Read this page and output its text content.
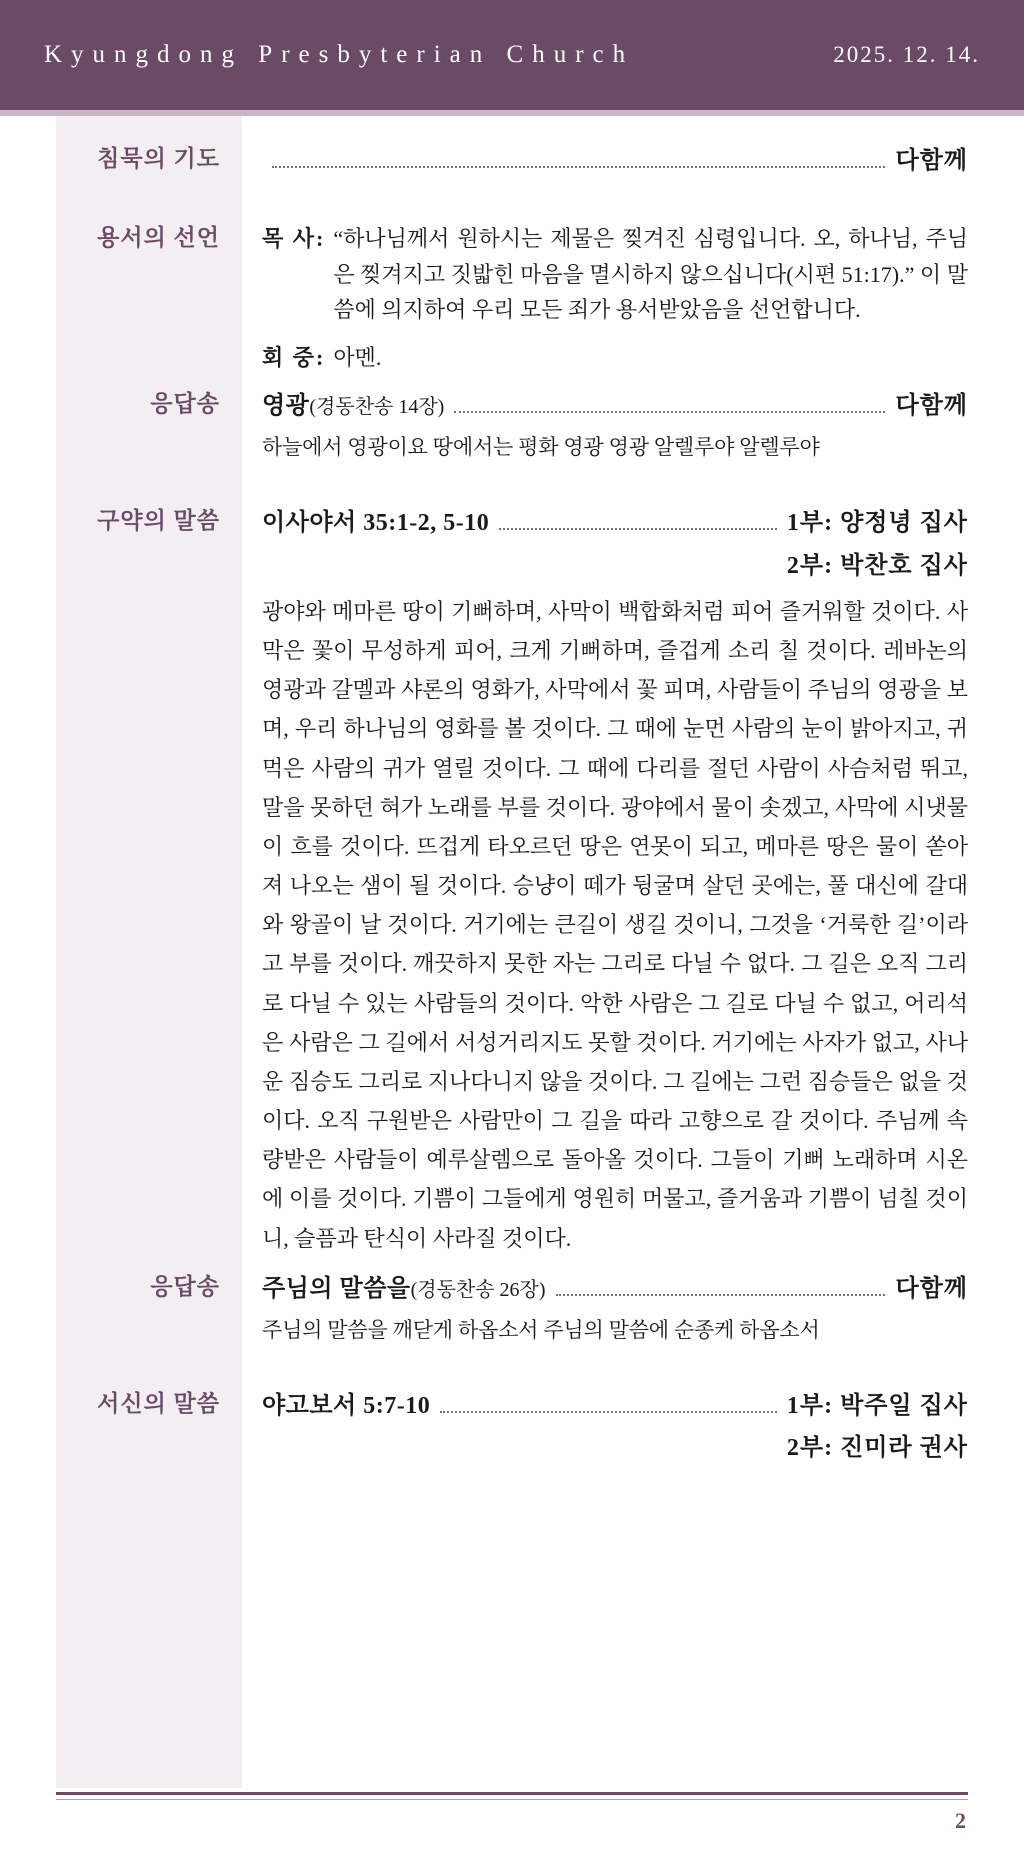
Kyungdong Presbyterian Church	2025. 12. 14.
침묵의 기도	다함께
용서의 선언	목 사: “하나님께서 원하시는 제물은 찢겨진 심령입니다. 오, 하나님, 주님은 찢겨지고 짓밟힌 마음을 멸시하지 않으십니다(시편 51:17).” 이 말씀에 의지하여 우리 모든 죄가 용서받았음을 선언합니다.
회 중: 아멘.
응답송	영광(경동찬송 14장)	다함께
하늘에서 영광이요 땅에서는 평화 영광 영광 알렐루야 알렐루야
구약의 말씀	이사야서 35:1-2, 5-10	1부: 양정녕 집사
2부: 박찬호 집사
광야와 메마른 땅이 기뻐하며, 사막이 백합화처럼 피어 즐거워할 것이다. 사막은 꽃이 무성하게 피어, 크게 기뻐하며, 즐겁게 소리 칠 것이다. 레바논의 영광과 갈멜과 샤론의 영화가, 사막에서 꽃 피며, 사람들이 주님의 영광을 보며, 우리 하나님의 영화를 볼 것이다. 그 때에 눈먼 사람의 눈이 밝아지고, 귀먹은 사람의 귀가 열릴 것이다. 그 때에 다리를 절던 사람이 사슴처럼 뛰고, 말을 못하던 혀가 노래를 부를 것이다. 광야에서 물이 솟겠고, 사막에 시냇물이 흐를 것이다. 뜨겁게 타오르던 땅은 연못이 되고, 메마른 땅은 물이 쏟아져 나오는 샘이 될 것이다. 승냥이 떼가 뒹굴며 살던 곳에는, 풀 대신에 갈대와 왕골이 날 것이다. 거기에는 큰길이 생길 것이니, 그것을 ‘거룩한 길’이라고 부를 것이다. 깨끗하지 못한 자는 그리로 다닐 수 없다. 그 길은 오직 그리로 다닐 수 있는 사람들의 것이다. 악한 사람은 그 길로 다닐 수 없고, 어리석은 사람은 그 길에서 서성거리지도 못할 것이다. 거기에는 사자가 없고, 사나운 짐승도 그리로 지나다니지 않을 것이다. 그 길에는 그런 짐승들은 없을 것이다. 오직 구원받은 사람만이 그 길을 따라 고향으로 갈 것이다. 주님께 속량받은 사람들이 예루살렘으로 돌아올 것이다. 그들이 기뻐 노래하며 시온에 이를 것이다. 기쁨이 그들에게 영원히 머물고, 즐거움과 기쁨이 넘칠 것이니, 슬픔과 탄식이 사라질 것이다.
응답송	주님의 말씀을(경동찬송 26장)	다함께
주님의 말씀을 깨닫게 하옵소서 주님의 말씀에 순종케 하옵소서
서신의 말씀	야고보서 5:7-10	1부: 박주일 집사
2부: 진미라 권사
2
